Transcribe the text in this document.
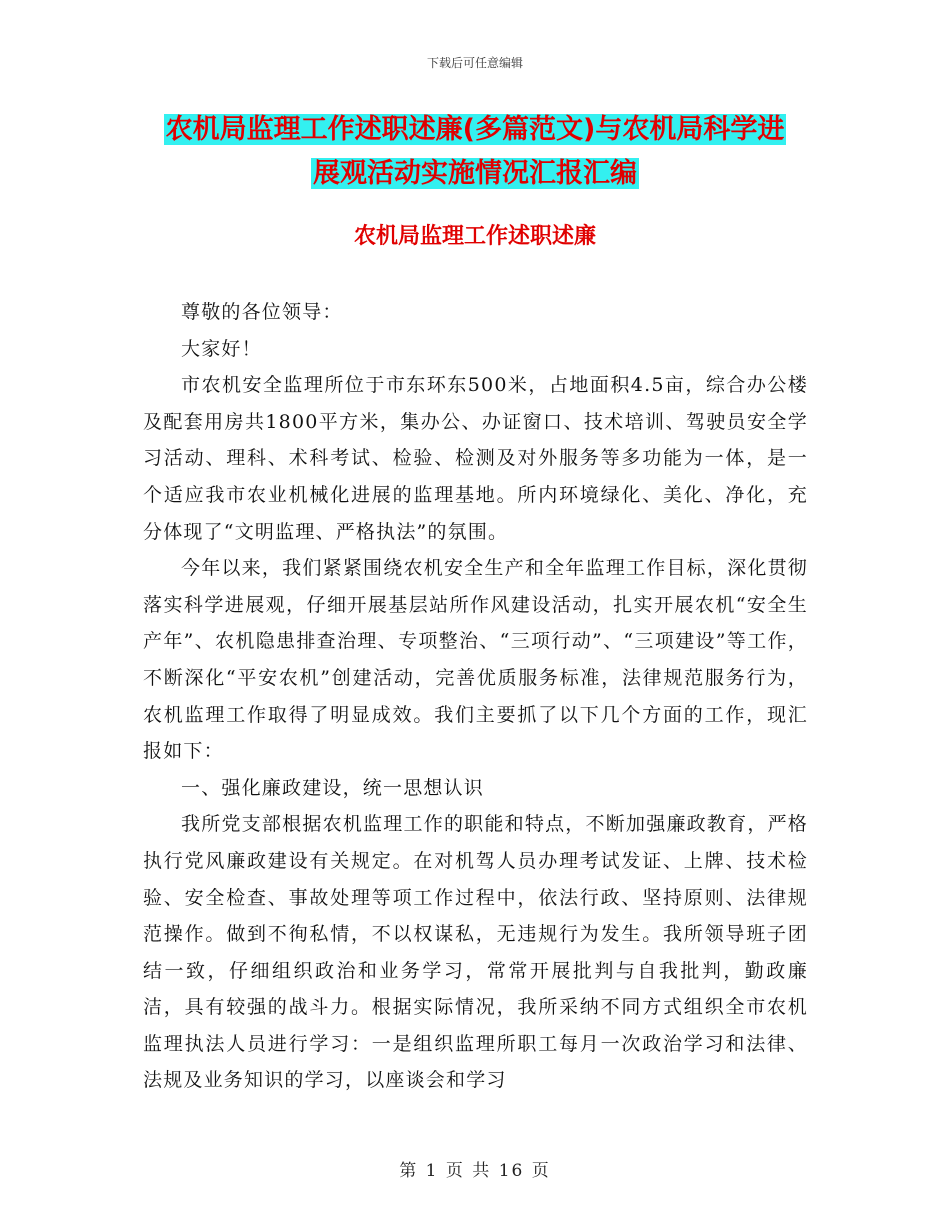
下载后可任意编辑
农机局监理工作述职述廉(多篇范文)与农机局科学进
展观活动实施情况汇报汇编
农机局监理工作述职述廉

尊敬的各位领导：

大家好！

市农机安全监理所位于市东环东500米，占地面积4.5亩，综合办公楼及配套用房共1800平方米，集办公、办证窗口、技术培训、驾驶员安全学习活动、理科、术科考试、检验、检测及对外服务等多功能为一体，是一个适应我市农业机械化进展的监理基地。所内环境绿化、美化、净化，充分体现了“文明监理、严格执法”的氛围。

今年以来，我们紧紧围绕农机安全生产和全年监理工作目标，深化贯彻落实科学进展观，仔细开展基层站所作风建设活动，扎实开展农机“安全生产年”、农机隐患排查治理、专项整治、“三项行动”、“三项建设”等工作，不断深化“平安农机”创建活动，完善优质服务标准，法律规范服务行为，农机监理工作取得了明显成效。我们主要抓了以下几个方面的工作，现汇报如下：

一、强化廉政建设，统一思想认识

我所党支部根据农机监理工作的职能和特点，不断加强廉政教育，严格执行党风廉政建设有关规定。在对机驾人员办理考试发证、上牌、技术检验、安全检查、事故处理等项工作过程中，依法行政、坚持原则、法律规范操作。做到不徇私情，不以权谋私，无违规行为发生。我所领导班子团结一致，仔细组织政治和业务学习，常常开展批判与自我批判，勤政廉洁，具有较强的战斗力。根据实际情况，我所采纳不同方式组织全市农机监理执法人员进行学习：一是组织监理所职工每月一次政治学习和法律、法规及业务知识的学习，以座谈会和学习

第 1 页 共 16 页
